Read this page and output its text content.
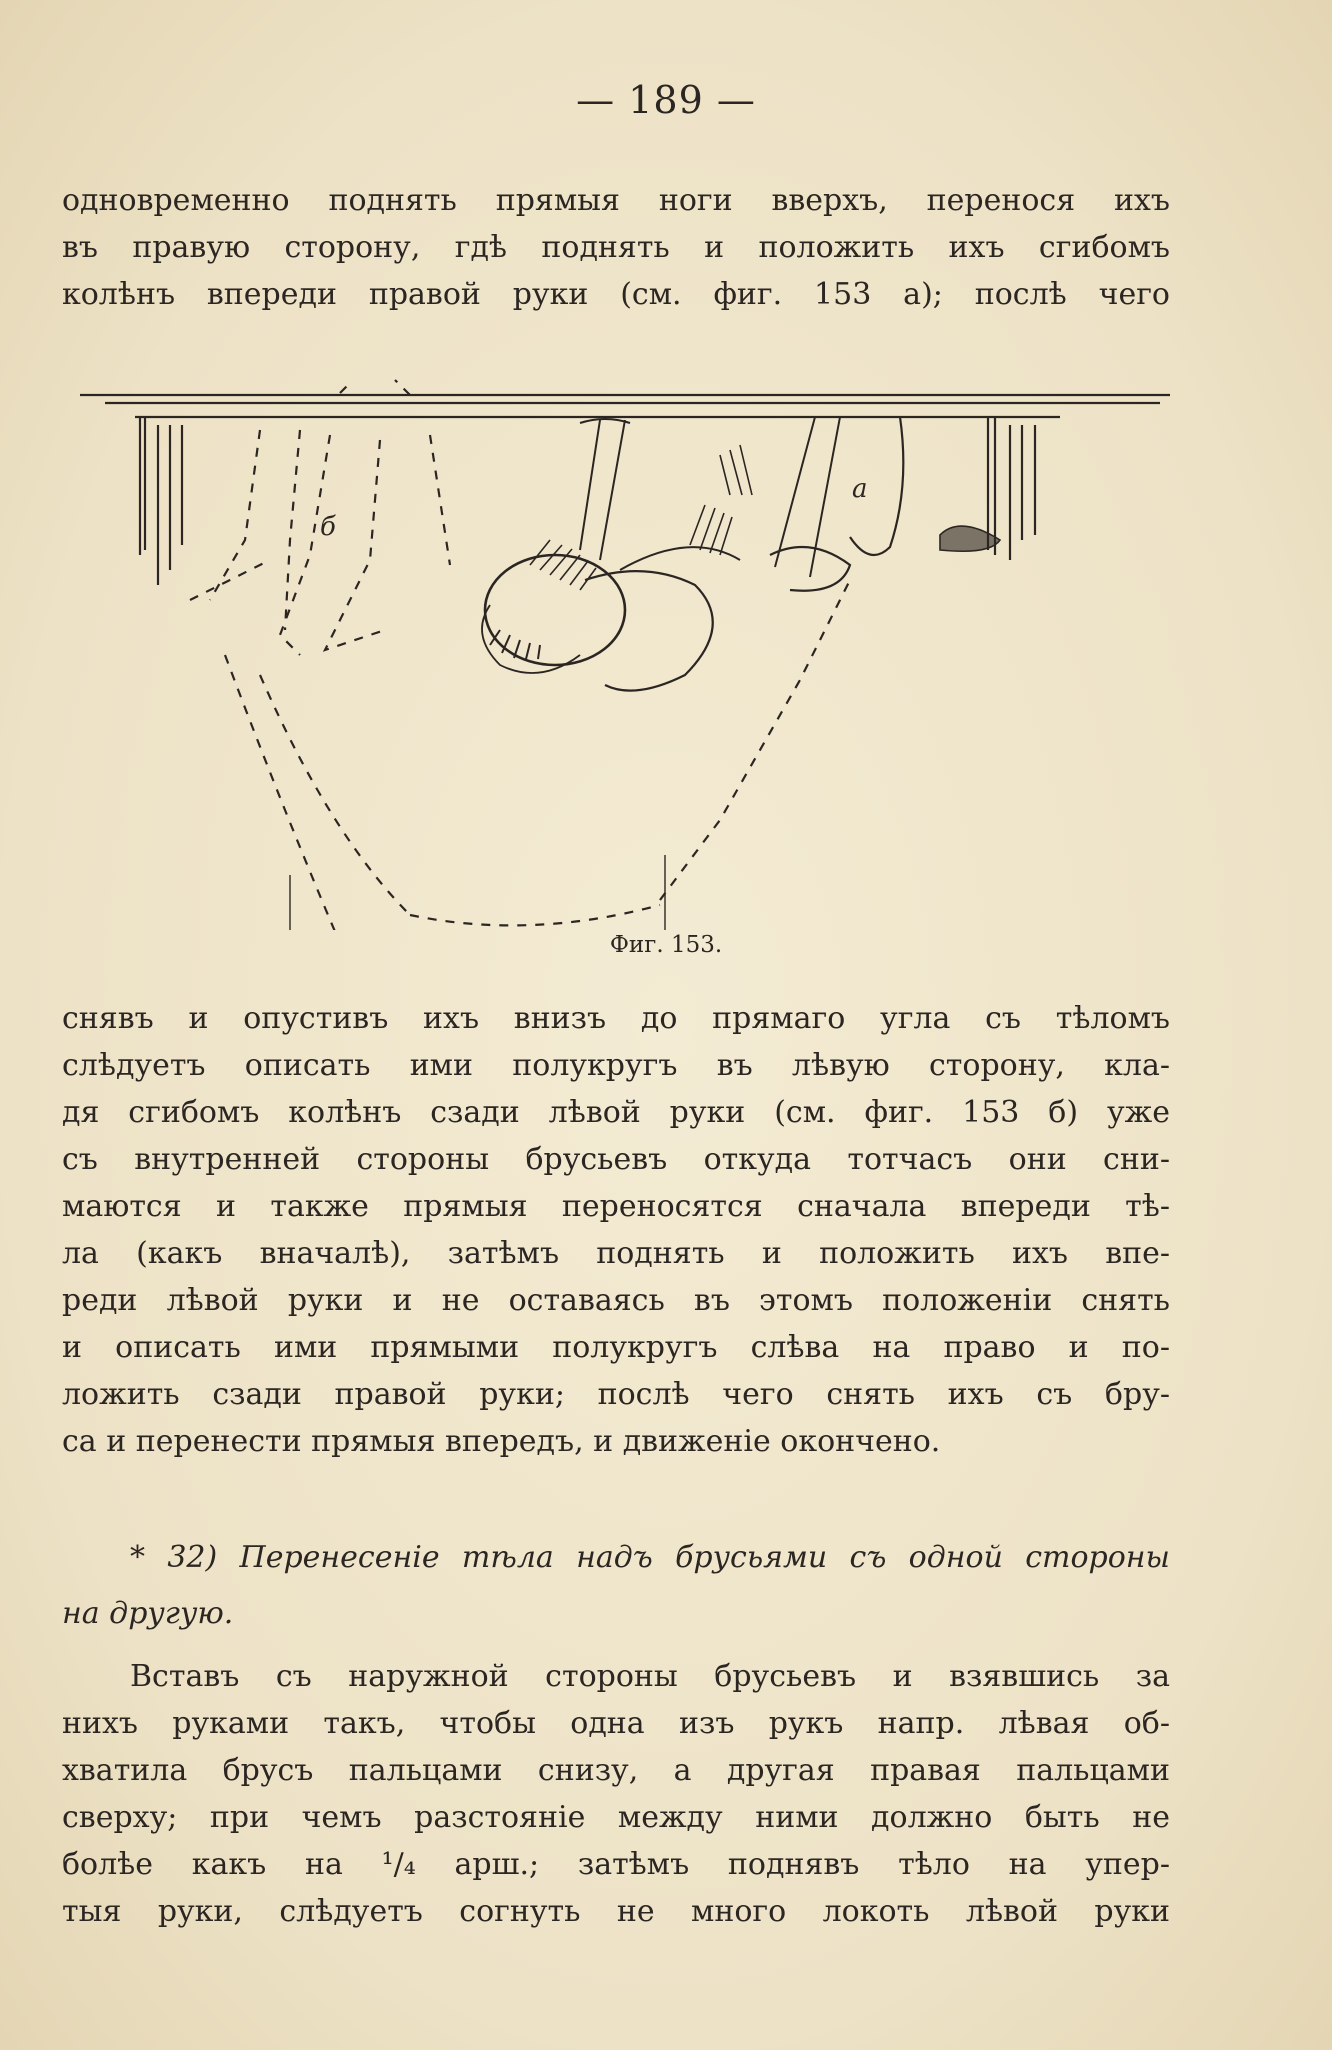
— 189 —
одновременно поднять прямыя ноги вверхъ, перенося ихъ
въ правую сторону, гдѣ поднять и положить ихъ сгибомъ
колѣнъ впереди правой руки (см. фиг. 153 а); послѣ чего
б
а
Фиг. 153.
снявъ и опустивъ ихъ внизъ до прямаго угла съ тѣломъ
слѣдуетъ описать ими полукругъ въ лѣвую сторону, кла-
дя сгибомъ колѣнъ сзади лѣвой руки (см. фиг. 153 б) уже
съ внутренней стороны брусьевъ откуда тотчасъ они сни-
маются и также прямыя переносятся сначала впереди тѣ-
ла (какъ вначалѣ), затѣмъ поднять и положить ихъ впе-
реди лѣвой руки и не оставаясь въ этомъ положенiи снять
и описать ими прямыми полукругъ слѣва на право и по-
ложить сзади правой руки; послѣ чего снять ихъ съ бру-
са и перенести прямыя впередъ, и движенiе окончено.
* 32) Перенесенiе тѣла надъ брусьями съ одной стороны
на другую.
Вставъ съ наружной стороны брусьевъ и взявшись за
нихъ руками такъ, чтобы одна изъ рукъ напр. лѣвая об-
хватила брусъ пальцами снизу, а другая правая пальцами
сверху; при чемъ разстоянiе между ними должно быть не
болѣе какъ на ¹/₄ арш.; затѣмъ поднявъ тѣло на упер-
тыя руки, слѣдуетъ согнуть не много локоть лѣвой руки
